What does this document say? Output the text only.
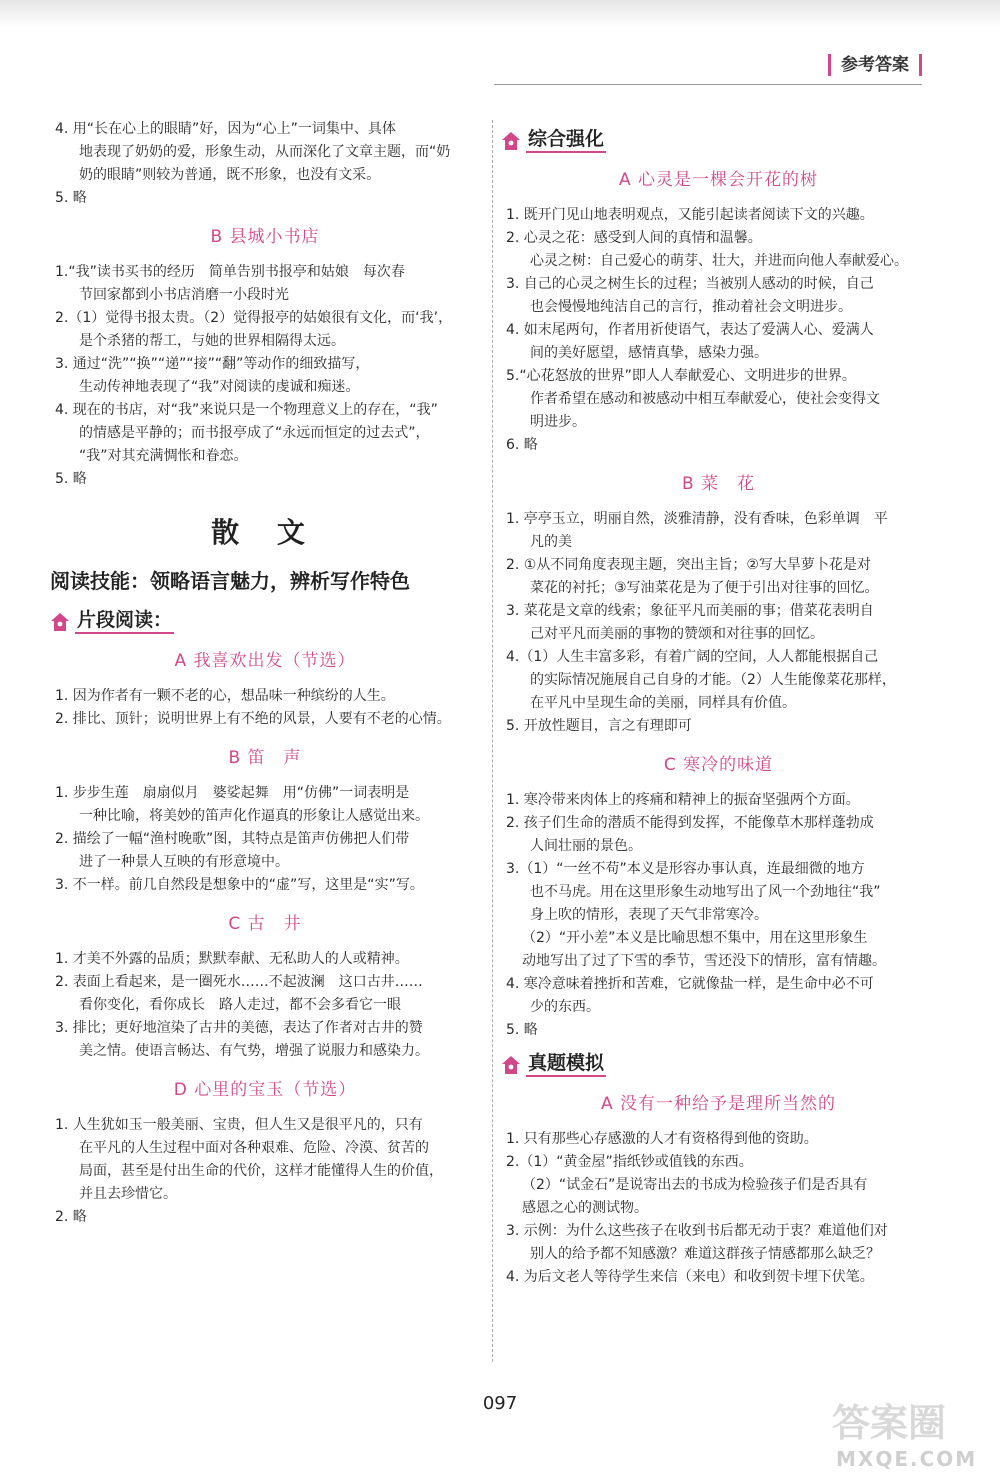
参考答案
4. 用“长在心上的眼睛”好，因为“心上”一词集中、具体
地表现了奶奶的爱，形象生动，从而深化了文章主题，而“奶
奶的眼睛”则较为普通，既不形象，也没有文采。
5. 略
B 县城小书店
1.“我”读书买书的经历　简单告别书报亭和姑娘　每次春
节回家都到小书店消磨一小段时光
2.（1）觉得书报太贵。（2）觉得报亭的姑娘很有文化，而‘我’，
是个杀猪的帮工，与她的世界相隔得太远。
3. 通过“洗”“换”“递”“接”“翻”等动作的细致描写，
生动传神地表现了“我”对阅读的虔诚和痴迷。
4. 现在的书店，对“我”来说只是一个物理意义上的存在，“我”
的情感是平静的；而书报亭成了“永远而恒定的过去式”，
“我”对其充满惆怅和眷恋。
5. 略
散 文
阅读技能：领略语言魅力，辨析写作特色
片段阅读：
A 我喜欢出发（节选）
1. 因为作者有一颗不老的心，想品味一种缤纷的人生。
2. 排比、顶针；说明世界上有不绝的风景，人要有不老的心情。
B 笛　声
1. 步步生莲　扇扇似月　婆娑起舞　用“仿佛”一词表明是
一种比喻，将美妙的笛声化作逼真的形象让人感觉出来。
2. 描绘了一幅“渔村晚歌”图，其特点是笛声仿佛把人们带
进了一种景人互映的有形意境中。
3. 不一样。前几自然段是想象中的“虚”写，这里是“实”写。
C 古　井
1. 才美不外露的品质；默默奉献、无私助人的人或精神。
2. 表面上看起来，是一圈死水……不起波澜　这口古井……
看你变化，看你成长　路人走过，都不会多看它一眼
3. 排比；更好地渲染了古井的美德，表达了作者对古井的赞
美之情。使语言畅达、有气势，增强了说服力和感染力。
D 心里的宝玉（节选）
1. 人生犹如玉一般美丽、宝贵，但人生又是很平凡的，只有
在平凡的人生过程中面对各种艰难、危险、冷漠、贫苦的
局面，甚至是付出生命的代价，这样才能懂得人生的价值，
并且去珍惜它。
2. 略
综合强化
A 心灵是一棵会开花的树
1. 既开门见山地表明观点，又能引起读者阅读下文的兴趣。
2. 心灵之花：感受到人间的真情和温馨。
心灵之树：自己爱心的萌芽、壮大，并进而向他人奉献爱心。
3. 自己的心灵之树生长的过程；当被别人感动的时候，自己
也会慢慢地纯洁自己的言行，推动着社会文明进步。
4. 如末尾两句，作者用祈使语气，表达了爱满人心、爱满人
间的美好愿望，感情真挚，感染力强。
5.“心花怒放的世界”即人人奉献爱心、文明进步的世界。
作者希望在感动和被感动中相互奉献爱心，使社会变得文
明进步。
6. 略
B 菜　花
1. 亭亭玉立，明丽自然，淡雅清静，没有香味，色彩单调　平
凡的美
2. ①从不同角度表现主题，突出主旨；②写大旱萝卜花是对
菜花的衬托；③写油菜花是为了便于引出对往事的回忆。
3. 菜花是文章的线索；象征平凡而美丽的事；借菜花表明自
己对平凡而美丽的事物的赞颂和对往事的回忆。
4.（1）人生丰富多彩，有着广阔的空间，人人都能根据自己
的实际情况施展自己自身的才能。（2）人生能像菜花那样，
在平凡中呈现生命的美丽，同样具有价值。
5. 开放性题目，言之有理即可
C 寒冷的味道
1. 寒冷带来肉体上的疼痛和精神上的振奋坚强两个方面。
2. 孩子们生命的潜质不能得到发挥，不能像草木那样蓬勃成
人间壮丽的景色。
3.（1）“一丝不苟”本义是形容办事认真，连最细微的地方
也不马虎。用在这里形象生动地写出了风一个劲地往“我”
身上吹的情形，表现了天气非常寒冷。
（2）“开小差”本义是比喻思想不集中，用在这里形象生
动地写出了过了下雪的季节，雪还没下的情形，富有情趣。
4. 寒冷意味着挫折和苦难，它就像盐一样，是生命中必不可
少的东西。
5. 略
真题模拟
A 没有一种给予是理所当然的
1. 只有那些心存感激的人才有资格得到他的资助。
2.（1）“黄金屋”指纸钞或值钱的东西。
（2）“试金石”是说寄出去的书成为检验孩子们是否具有
感恩之心的测试物。
3. 示例：为什么这些孩子在收到书后都无动于衷？难道他们对
别人的给予都不知感激？难道这群孩子情感都那么缺乏？
4. 为后文老人等待学生来信（来电）和收到贺卡埋下伏笔。
097	答案圈
MXQE.COM
